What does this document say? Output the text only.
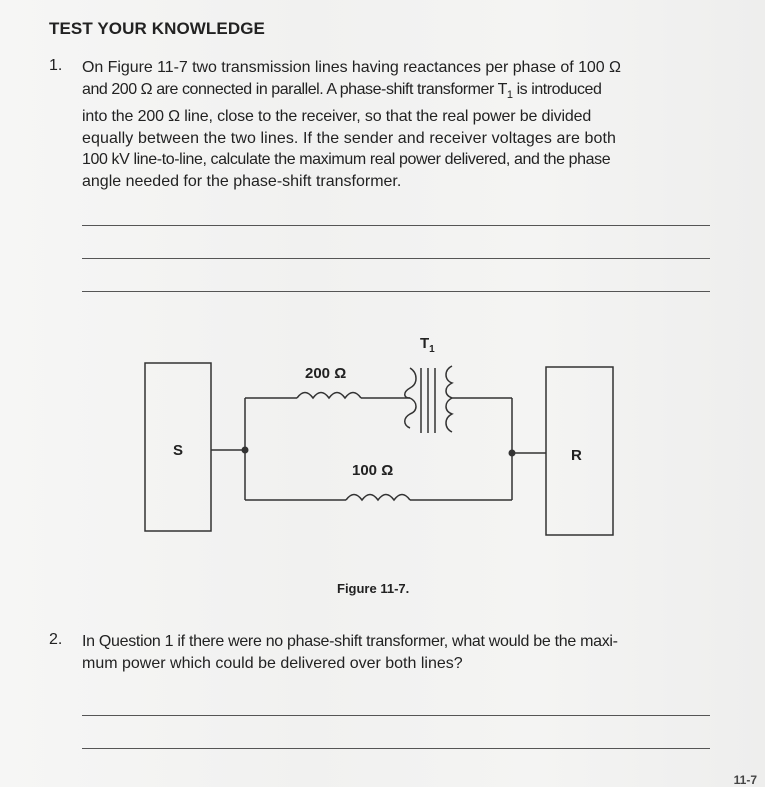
TEST YOUR KNOWLEDGE
1. On Figure 11-7 two transmission lines having reactances per phase of 100 Ω
and 200 Ω are connected in parallel. A phase-shift transformer $T_1$ is introduced
into the 200 Ω line, close to the receiver, so that the real power be divided
equally between the two lines. If the sender and receiver voltages are both
100 kV line-to-line, calculate the maximum real power delivered, and the phase
angle needed for the phase-shift transformer.
S	R
200 Ω
100 Ω
$T_1$
Figure 11-7.
2. In Question 1 if there were no phase-shift transformer, what would be the maxi-
mum power which could be delivered over both lines?
11-7
